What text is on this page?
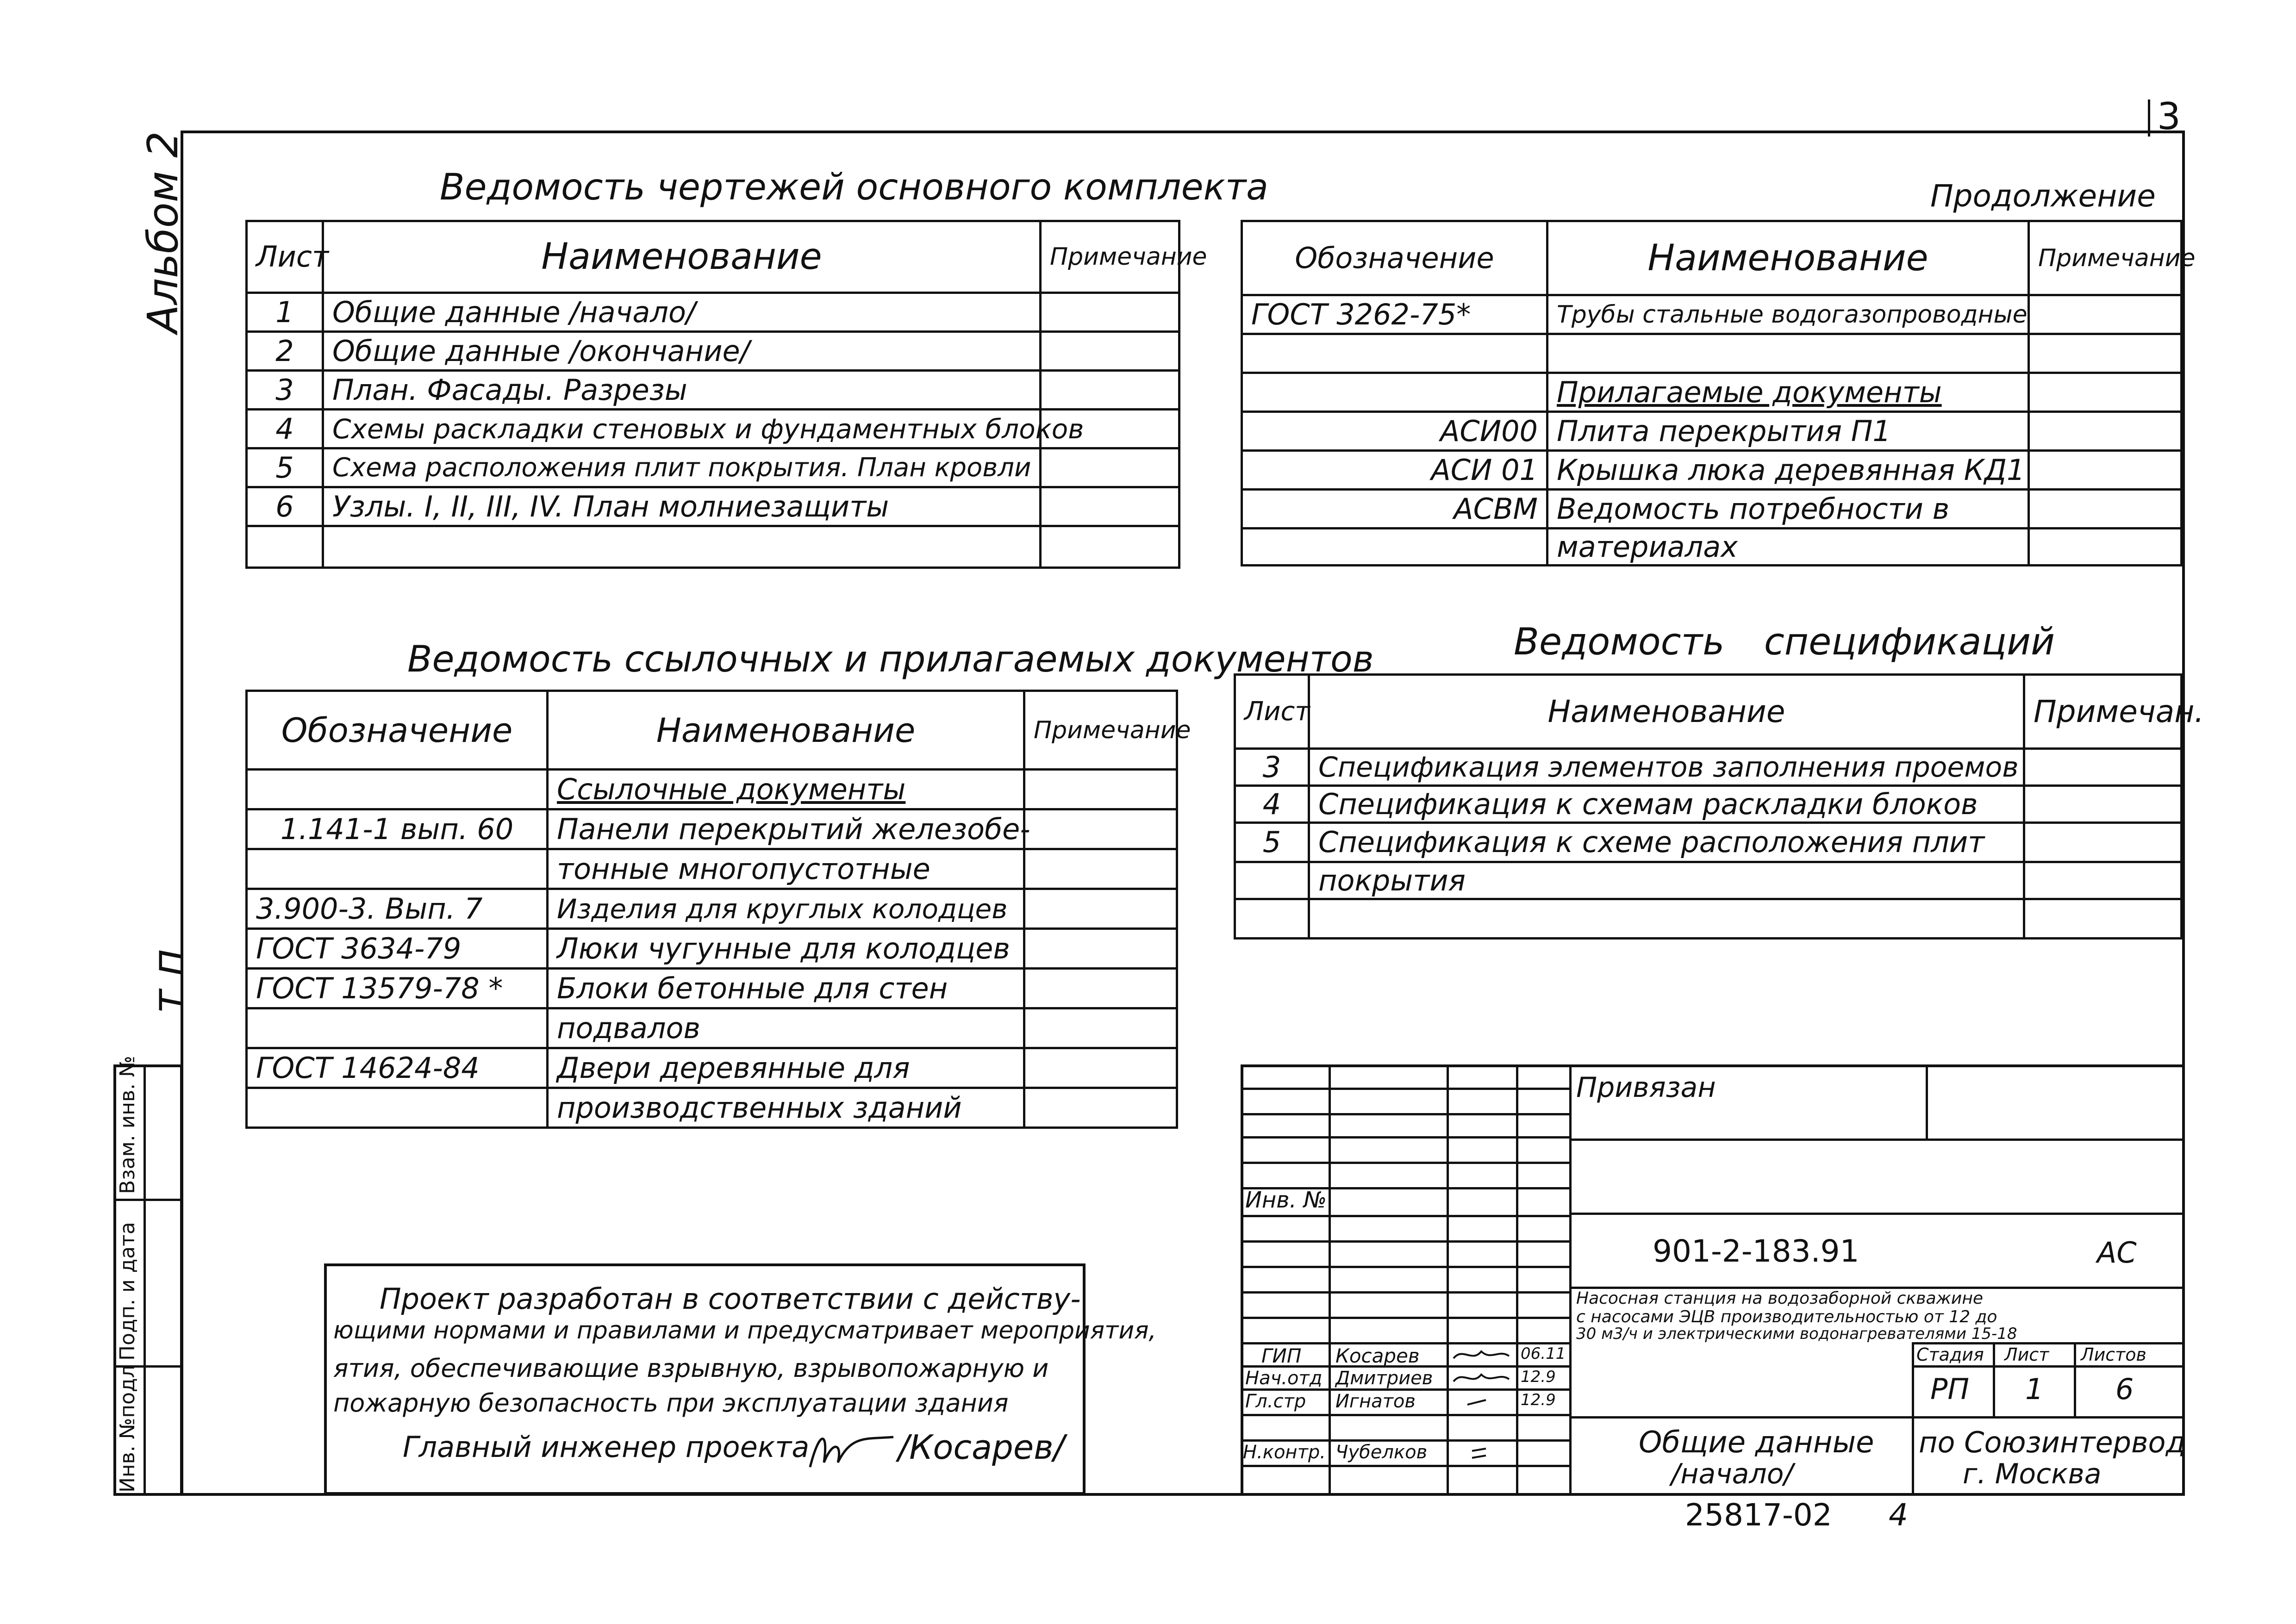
3
Альбом 2
т п
Инв. №подл
Подп. и дата
Взам. инв. №
Ведомость чертежей основного комплекта
Лист	Наименование	Примечание
1	Общие данные /начало/	
2	Общие данные /окончание/	
3	План. Фасады. Разрезы	
4	Схемы раскладки стеновых и фундаментных блоков	
5	Схема расположения плит покрытия. План кровли	
6	Узлы. I, II, III, IV. План молниезащиты	

Продолжение
Обозначение	Наименование	Примечание
ГОСТ 3262-75*	Трубы стальные водогазопроводные	

	Прилагаемые документы	
АСИ00	Плита перекрытия П1	
АСИ 01	Крышка люка деревянная КД1	
АСВМ	Ведомость потребности в	
	материалах	
Ведомость ссылочных и прилагаемых документов
Обозначение	Наименование	Примечание
	Ссылочные документы	
1.141-1 вып. 60	Панели перекрытий железобе-	
	тонные многопустотные	
3.900-3. Вып. 7	Изделия для круглых колодцев	
ГОСТ 3634-79	Люки чугунные для колодцев	
ГОСТ 13579-78 *	Блоки бетонные для стен	
	подвалов	
ГОСТ 14624-84	Двери деревянные для	
	производственных зданий	
Ведомость спецификаций
Лист	Наименование	Примечан.
3	Спецификация элементов заполнения проемов	
4	Спецификация к схемам раскладки блоков	
5	Спецификация к схеме расположения плит	
	покрытия	

Проект разработан в соответствии с действу-
ющими нормами и правилами и предусматривает мероприятия,
ятия, обеспечивающие взрывную, взрывопожарную и
пожарную безопасность при эксплуатации здания
Главный инженер проекта	/Косарев/
Привязан
Инв. №
901-2-183.91	АС
Насосная станция на водозаборной скважине
с насосами ЭЦВ производительностью от 12 до
30 м3/ч и электрическими водонагревателями 15-18
ГИП Косарев	06.11
Нач.отд Дмитриев	12.9
Гл.стр Игнатов	12.9
Н.контр. Чубелков
Стадия Лист Листов
РП 1	6
Общие данные
/начало/
по Союзинтервод
г. Москва
25817-02 4
